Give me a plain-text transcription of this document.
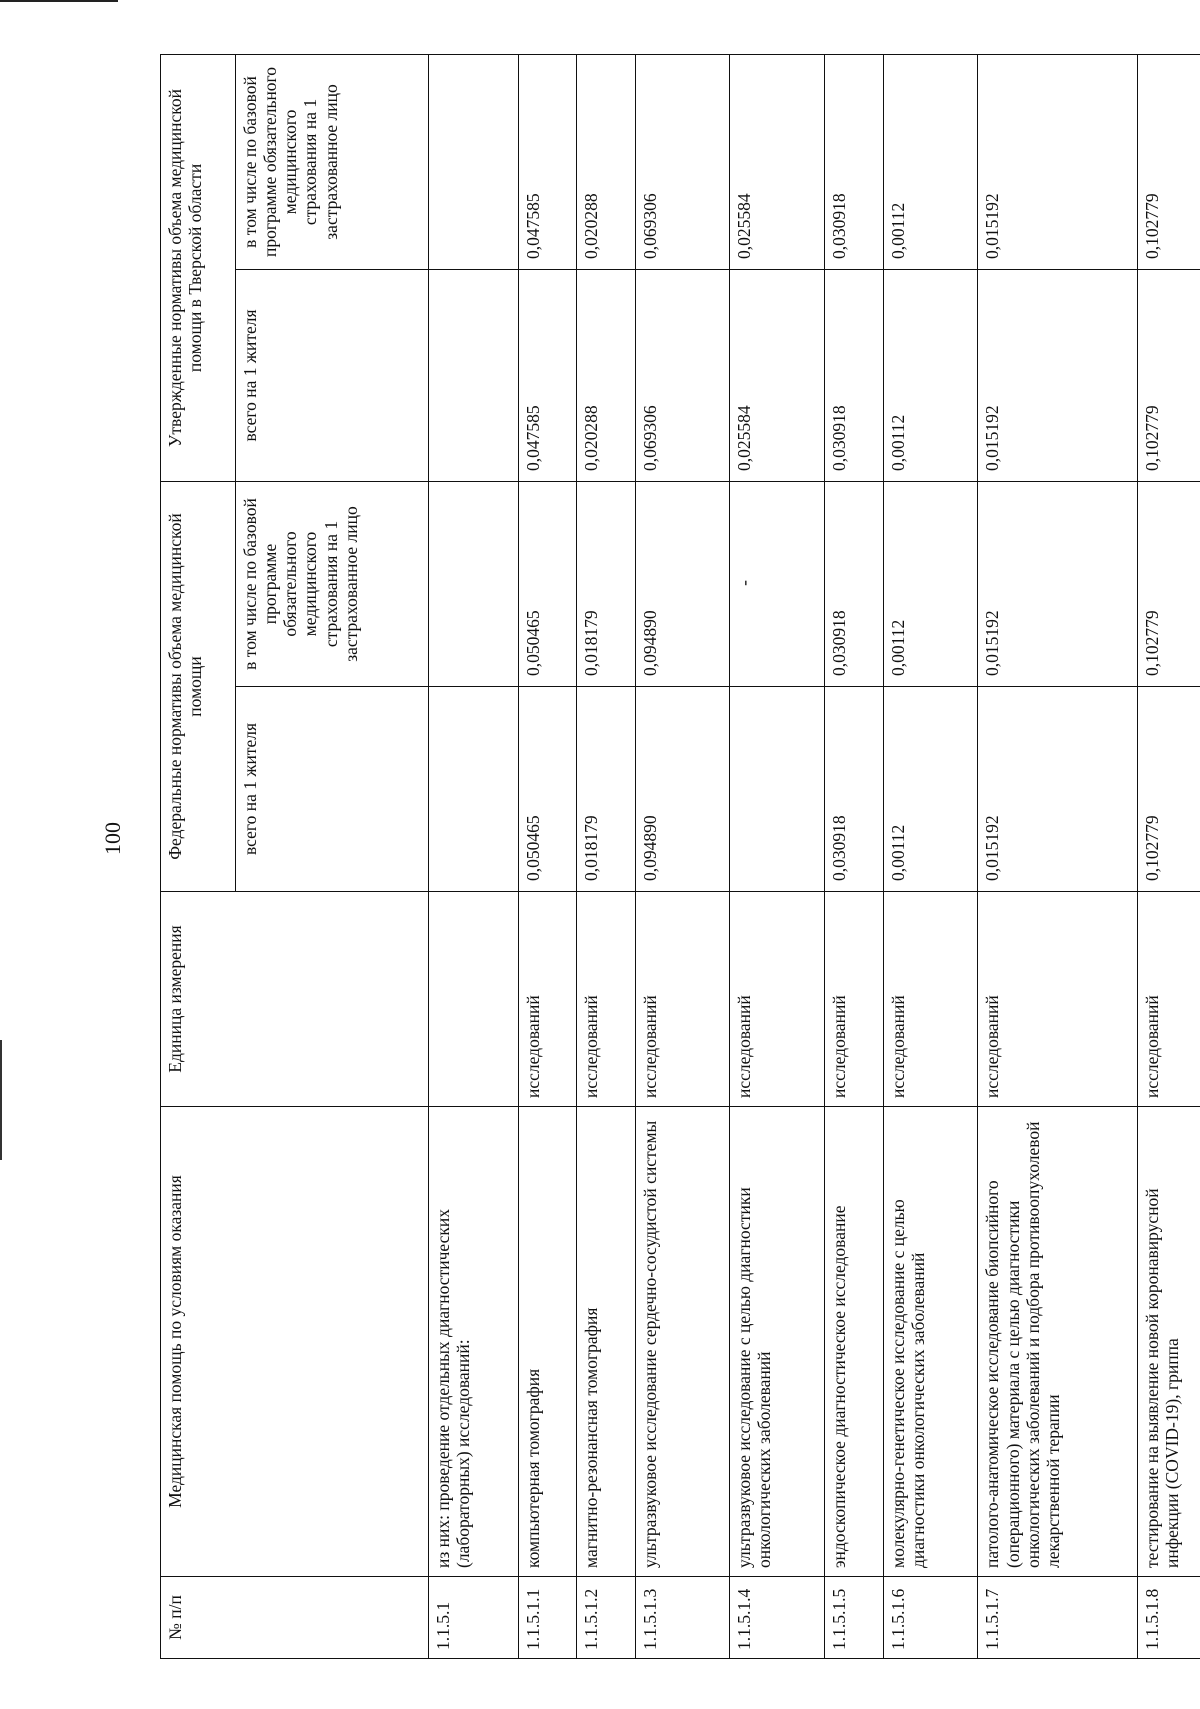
100
№ п/п	Медицинская помощь по условиям оказания	Единица измерения	Федеральные нормативы объема медицинской помощи		Утвержденные нормативы объема медицинской помощи в Тверской области	
			всего на 1 жителя	в том числе по базовой программе обязательного медицинского страхования на 1 застрахованное лицо	всего на 1 жителя	в том числе по базовой программе обязательного медицинского страхования на 1 застрахованное лицо
1.1.5.1	из них: проведение отдельных диагностических (лабораторных) исследований:					
1.1.5.1.1	компьютерная томография	исследований	0,050465	0,050465	0,047585	0,047585
1.1.5.1.2	магнитно-резонансная томография	исследований	0,018179	0,018179	0,020288	0,020288
1.1.5.1.3	ультразвуковое исследование сердечно-сосудистой системы	исследований	0,094890	0,094890	0,069306	0,069306
1.1.5.1.4	ультразвуковое исследование с целью диагностики онкологических заболеваний	исследований		-	0,025584	0,025584
1.1.5.1.5	эндоскопическое диагностическое исследование	исследований	0,030918	0,030918	0,030918	0,030918
1.1.5.1.6	молекулярно-генетическое исследование с целью диагностики онкологических заболеваний	исследований	0,00112	0,00112	0,00112	0,00112
1.1.5.1.7	патолого-анатомическое исследование биопсийного (операционного) материала с целью диагностики онкологических заболеваний и подбора противоопухолевой лекарственной терапии	исследований	0,015192	0,015192	0,015192	0,015192
1.1.5.1.8	тестирование на выявление новой коронавирусной инфекции (COVID-19), гриппа	исследований	0,102779	0,102779	0,102779	0,102779
